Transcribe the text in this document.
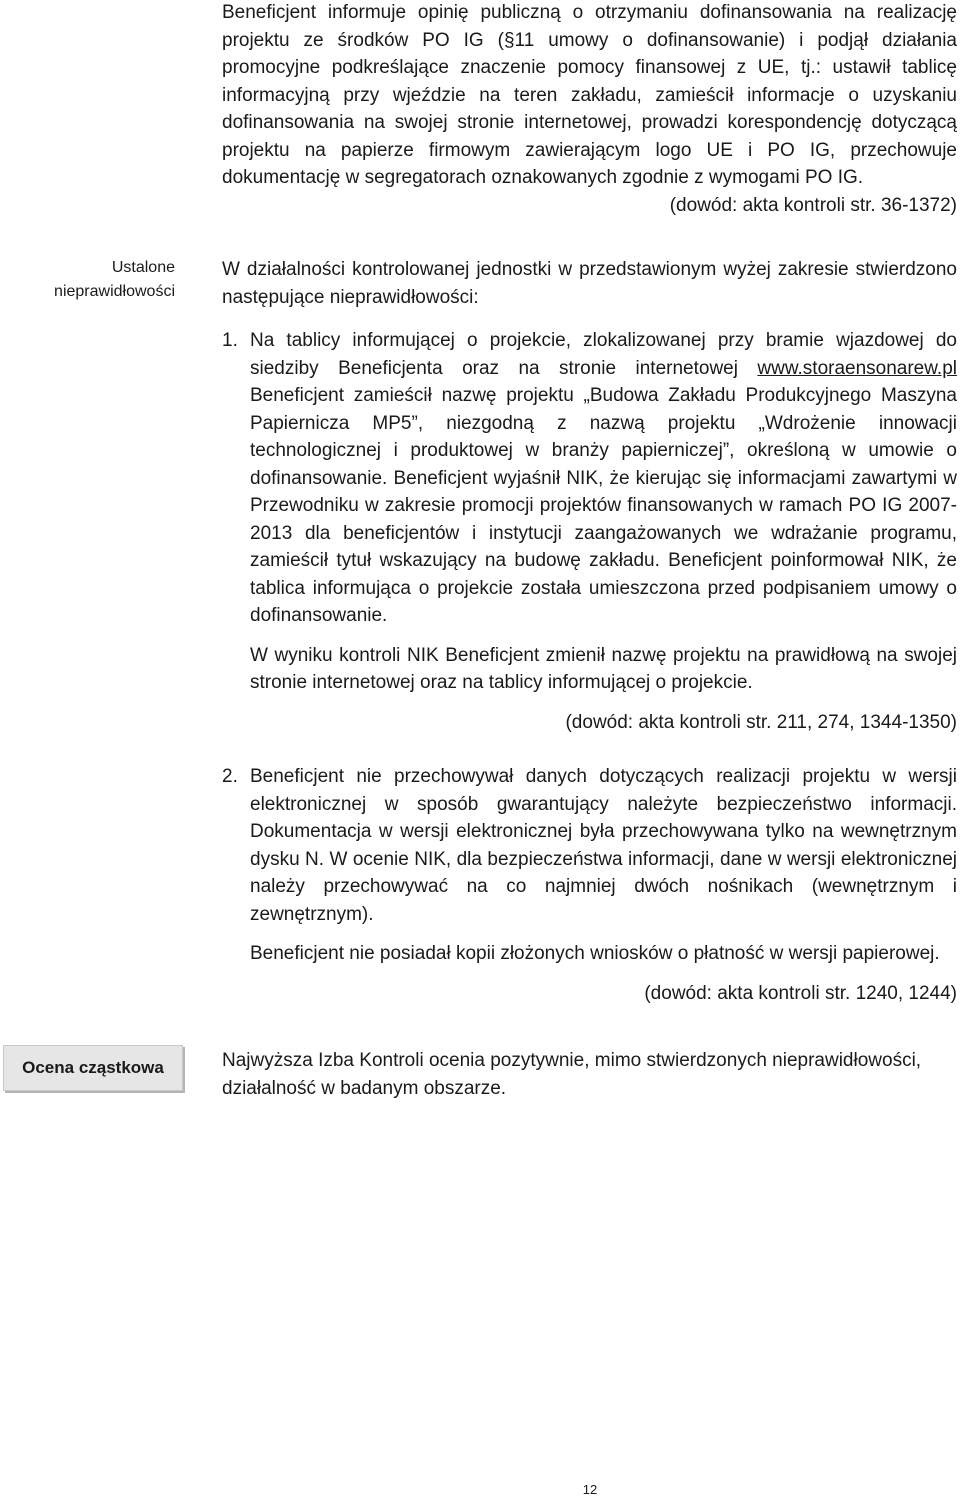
Beneficjent informuje opinię publiczną o otrzymaniu dofinansowania na realizację projektu ze środków PO IG (§11 umowy o dofinansowanie) i podjął działania promocyjne podkreślające znaczenie pomocy finansowej z UE, tj.: ustawił tablicę informacyjną przy wjeździe na teren zakładu, zamieścił informacje o uzyskaniu dofinansowania na swojej stronie internetowej, prowadzi korespondencję dotyczącą projektu na papierze firmowym zawierającym logo UE i PO IG, przechowuje dokumentację w segregatorach oznakowanych zgodnie z wymogami PO IG.

(dowód: akta kontroli str. 36-1372)

Ustalone nieprawidłowości

W działalności kontrolowanej jednostki w przedstawionym wyżej zakresie stwierdzono następujące nieprawidłowości:

1. Na tablicy informującej o projekcie, zlokalizowanej przy bramie wjazdowej do siedziby Beneficjenta oraz na stronie internetowej www.storaensonarew.pl Beneficjent zamieścił nazwę projektu „Budowa Zakładu Produkcyjnego Maszyna Papiernicza MP5”, niezgodną z nazwą projektu „Wdrożenie innowacji technologicznej i produktowej w branży papierniczej”, określoną w umowie o dofinansowanie. Beneficjent wyjaśnił NIK, że kierując się informacjami zawartymi w Przewodniku w zakresie promocji projektów finansowanych w ramach PO IG 2007-2013 dla beneficjentów i instytucji zaangażowanych we wdrażanie programu, zamieścił tytuł wskazujący na budowę zakładu. Beneficjent poinformował NIK, że tablica informująca o projekcie została umieszczona przed podpisaniem umowy o dofinansowanie.

W wyniku kontroli NIK Beneficjent zmienił nazwę projektu na prawidłową na swojej stronie internetowej oraz na tablicy informującej o projekcie.

(dowód: akta kontroli str. 211, 274, 1344-1350)

2. Beneficjent nie przechowywał danych dotyczących realizacji projektu w wersji elektronicznej w sposób gwarantujący należyte bezpieczeństwo informacji. Dokumentacja w wersji elektronicznej była przechowywana tylko na wewnętrznym dysku N. W ocenie NIK, dla bezpieczeństwa informacji, dane w wersji elektronicznej należy przechowywać na co najmniej dwóch nośnikach (wewnętrznym i zewnętrznym).

Beneficjent nie posiadał kopii złożonych wniosków o płatność w wersji papierowej.

(dowód: akta kontroli str. 1240, 1244)

Ocena cząstkowa	Najwyższa Izba Kontroli ocenia pozytywnie, mimo stwierdzonych nieprawidłowości, działalność w badanym obszarze.

12
